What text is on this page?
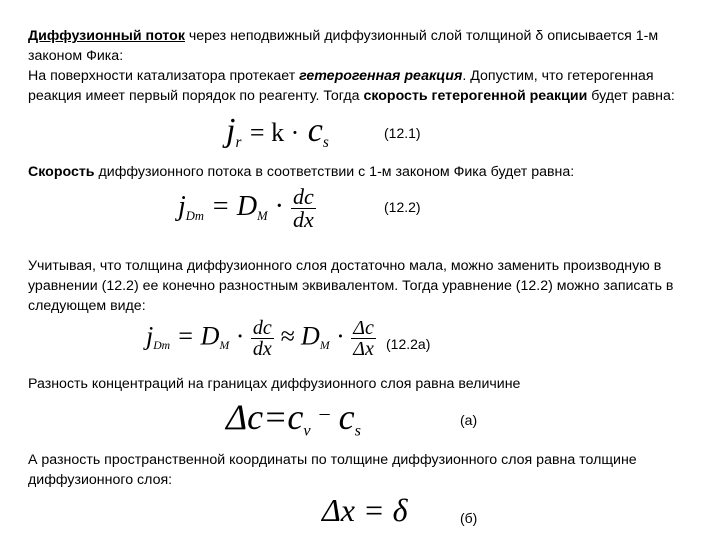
Диффузионный поток через неподвижный диффузионный слой толщиной δ описывается 1-м законом Фика:
На поверхности катализатора протекает гетерогенная реакция. Допустим, что гетерогенная реакция имеет первый порядок по реагенту. Тогда скорость гетерогенной реакции будет равна:

$j_r = k \cdot c_s$
(12.1)

Скорость диффузионного потока в соответствии с 1-м законом Фика будет равна:

$j_{Dm} = D_M \cdot \frac{dc}{dx}$	(12.2)

Учитывая, что толщина диффузионного слоя достаточно мала, можно заменить производную в уравнении (12.2) ее конечно разностным эквивалентом. Тогда уравнение (12.2) можно записать в следующем виде:

$j_{Dm} = D_M \cdot \frac{dc}{dx} \approx D_M \cdot \frac{\Delta c}{\Delta x} (12.2а)$

Разность концентраций на границах диффузионного слоя равна величине

$\Delta c=c_v$ – $c_s$
(а)

А разность пространственной координаты по толщине диффузионного слоя равна толщине диффузионного слоя:

Δx = δ	(б)
